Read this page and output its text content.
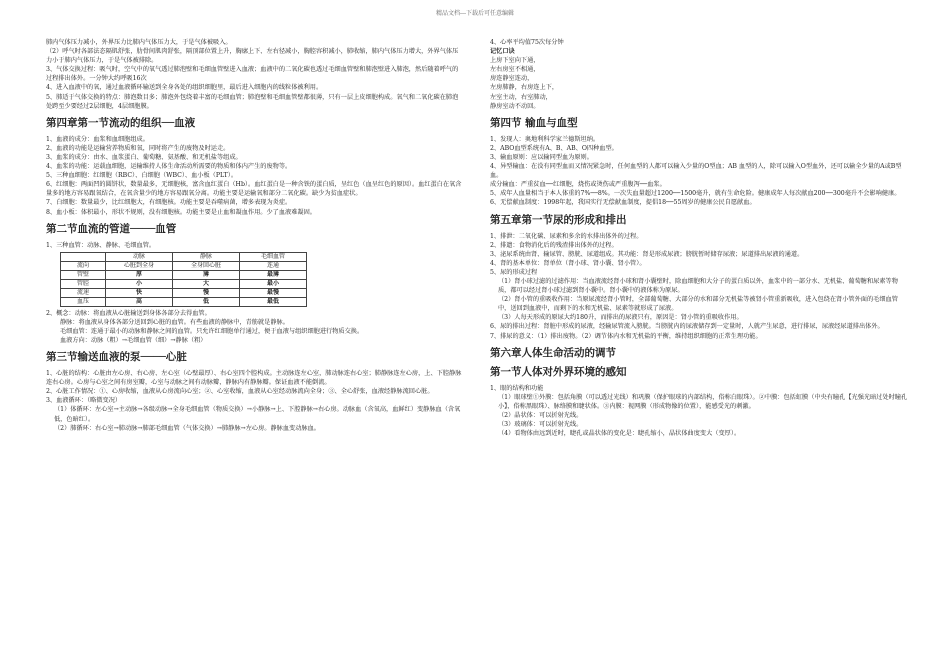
精品文档---下载后可任意编辑

肺内气体压力减小，外界压力比肺内气体压力大，于是气体被吸入。

（2）呼气时各部法态隔肌舒张，肋骨间肌肉舒张，隔顶部位置上升，胸廓上下、左右径减小，胸腔容积减小，肺收缩，肺内气体压力增大，外界气体压力小于肺内气体压力，于是气体被排除。

3、气体交换过程：吸气时，空气中的氧气透过肺泡壁和毛细血管壁进入血液；血液中的二氧化碳也透过毛细血管壁和肺泡壁进入肺泡，然后随着呼气的过程排出体外。一分钟大约呼吸16次

4、进入血液中的氧，通过血液循环输送到全身各处的组织细胞里，最后进入细胞内的线粒体被利用。

5、肺适于气体交换的特点：肺泡数目多；肺泡外包绕着丰富的毛细血管；肺泡壁和毛细血管壁都很薄，只有一层上皮细胞构成。氧气和二氧化碳在肺泡处跨至少要经过2层细胞，4层细胞膜。

第四章第一节流动的组织──血液

1、血液的成分：血浆和血细胞组成。

2、血液的功能是运输营养物质和氧，同时将产生的废物及时运走。

3、血浆的成分：由水、血浆蛋白、葡萄糖、氨基酸、和无机盐等组成。

4、血浆的功能：运载血细胞，运输维持人体生命活动所需要的物质和体内产生的废物等。

5、三种血细胞：红细胞（RBC）、白细胞（WBC）、血小板（PLT）。

6、红细胞：两面凹的圆饼状，数量最多，无细胞核，富含血红蛋白（Hb）。血红蛋白是一种含铁的蛋白质，呈红色（血呈红色的原因）。血红蛋白在氧含量多的地方容易跟氧结合，在氧含量少的地方容易跟氧分离。功能主要是运输氧和部分二氧化碳。缺少为贫血症状。

7、白细胞：数量最少，比红细胞大，有细胞核。功能主要是吞噬病菌，增多表现为炎症。

8、血小板：体积最小，形状不规则，没有细胞核。功能主要是止血和凝血作用。少了血液难凝固。

第二节血流的管道────血管

1、三种血管：动脉、静脉、毛细血管。

	动脉	静脉	毛细血管
流向	心脏到全身	全身回心脏	连通
管壁	厚	薄	最薄
管腔	小	大	最小
流速	快	慢	最慢
血压	高	低	最低

2、概念：动脉：将血液从心脏输送到身体各部分去得血管。

静脉：将血液从身体各部分送回到心脏的血管。有些血液的静脉中，青筋就是静脉。

毛细血管：连通于最小的动脉和静脉之间的血管。只允许红细胞单行通过，便于血液与组织细胞进行物质交换。

血液方向：动脉（粗）→毛细血管（细）→静脉（粗）

第三节输送血液的泵────心脏

1、心脏的结构：心脏由左心房、右心房、左心室（心壁最厚）、右心室四个腔构成。主动脉连左心室，肺动脉连右心室；肺静脉连左心房，上、下腔静脉连右心房。心房与心室之间有房室瓣，心室与动脉之间有动脉瓣，静脉内有静脉瓣。保证血液不能倒流。

2、心脏工作情况：①、心房收缩，血液从心房流向心室；②、心室收缩，血液从心室经动脉流向全身；③、全心舒张，血液经静脉流回心脏。

3、血液循环：（略微变况）

（1）体循环：左心室→主动脉→各级动脉→全身毛细血管（物质交换）→小静脉→上、下腔静脉→右心房。动脉血（含氧高，血鲜红）变静脉血（含氧低，色暗红）。

（2）肺循环：右心室→肺动脉→肺部毛细血管（气体交换）→肺静脉→左心房。静脉血变动脉血。

4、心率平均值75次每分钟

记忆口诀

上房下室向下通，

左右房室不相通，

房连静室连动，

左房肺静，右房连上下，

左室主动，右室肺动，

静房室动不动回。

第四节 输血与血型

1、发现人：奥地利科学家兰德斯坦纳。

2、ABO血型系统有A、B、AB、O四种血型。

3、输血原则：应以输同型血为原则。

4、异型输血：在没有同型血而又情况紧急时，任何血型的人都可以输入少量的O型血；AB 血型的人，除可以输入O型血外，还可以输全少量的A或B型血。

成分输血：严重贫血──红细胞，烧伤或烫伤或严重腹泻──血浆。

5、成年人血量相当于本人体重的7%──8%。一次失血量超过1200──1500毫升，就有生命危险。健康成年人每次献血200──300毫升不会影响健康。

6、无偿献血制度：1998年起，我国实行无偿献血制度，提倡18──55周岁的健康公民自愿献血。

第五章第一节尿的形成和排出

1、排泄：二氧化碳、尿素和多余的水排出体外的过程。

2、排遗：食物消化后的残渣排出体外的过程。

3、泌尿系统由肾、输尿管、膀胱、尿道组成。其功能：肾是形成尿液；膀胱暂时储存尿液；尿道排出尿液的通道。

4、肾的基本单位：肾单位（肾小球、肾小囊、肾小管）。

5、尿的形成过程

（1）肾小球过滤的过滤作用：当血液流经肾小球和肾小囊壁时，除血细胞和大分子的蛋白质以外，血浆中的一部分水、无机盐、葡萄糖和尿素等物质，都可以经过肾小球过滤到肾小囊中。肾小囊中的液体称为原尿。

（2）肾小管的重吸收作用：当原尿流经肾小管时，全部葡萄糖、大部分的水和部分无机盐等被肾小管重新吸收，进入包绕在肾小管外面的毛细血管中，送回到血液中，而剩下的水和无机盐、尿素等就形成了尿液。

（3）人每天形成的原尿大约180升，而排出的尿液只有，原因是：肾小管的重吸收作用。

6、尿的排出过程：肾脏中形成的尿液，经输尿管流入膀胱。当膀胱内的尿液储存到一定量时，人就产生尿意，进行排尿，尿液经尿道排出体外。

7、排尿的意义：（1）排出废物。（2）调节体内水和无机盐的平衡，维持组织细胞的正常生理功能。

第六章人体生命活动的调节
第一节人体对外界环境的感知

1、眼的结构和功能

（1）眼球壁①外膜：包括角膜（可以透过光线）和巩膜（保护眼球的内部结构，俗称白眼珠）。②中膜：包括虹膜（中央有瞳孔【光强光暗过处时瞳孔小】，俗称黑眼珠）、脉络膜和睫状体。③内膜：视网膜（形成物像的位置），能感受光的刺激。

（2）晶状体：可以折射光线。

（3）玻璃体：可以折射光线。

（4）看物体由远到近时，睫孔或晶状体的变化是：睫孔缩小，晶状体曲度变大（变厚）。
